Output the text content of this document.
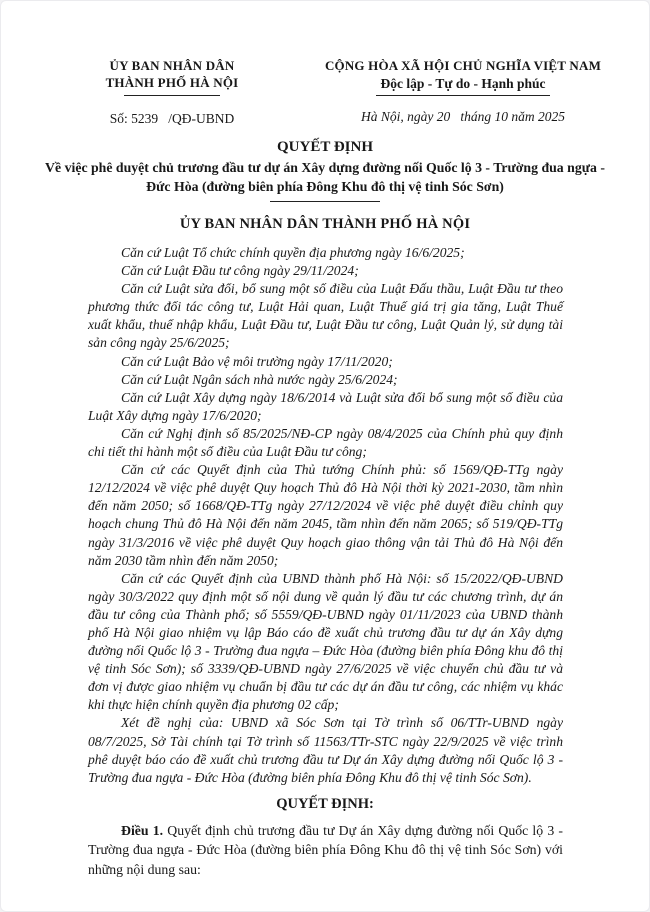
ỦY BAN NHÂN DÂN
THÀNH PHỐ HÀ NỘI
Số: 5239   /QĐ-UBND
CỘNG HÒA XÃ HỘI CHỦ NGHĨA VIỆT NAM
Độc lập - Tự do - Hạnh phúc
Hà Nội, ngày 20   tháng 10 năm 2025
QUYẾT ĐỊNH
Về việc phê duyệt chủ trương đầu tư dự án Xây dựng đường nối Quốc lộ 3 - Trường đua ngựa - Đức Hòa (đường biên phía Đông Khu đô thị vệ tinh Sóc Sơn)
ỦY BAN NHÂN DÂN THÀNH PHỐ HÀ NỘI

Căn cứ Luật Tổ chức chính quyền địa phương ngày 16/6/2025;

Căn cứ Luật Đầu tư công ngày 29/11/2024;

Căn cứ Luật sửa đổi, bổ sung một số điều của Luật Đấu thầu, Luật Đầu tư theo phương thức đối tác công tư, Luật Hải quan, Luật Thuế giá trị gia tăng, Luật Thuế xuất khẩu, thuế nhập khẩu, Luật Đầu tư, Luật Đầu tư công, Luật Quản lý, sử dụng tài sản công ngày 25/6/2025;

Căn cứ Luật Bảo vệ môi trường ngày 17/11/2020;

Căn cứ Luật Ngân sách nhà nước ngày 25/6/2024;

Căn cứ Luật Xây dựng ngày 18/6/2014 và Luật sửa đổi bổ sung một số điều của Luật Xây dựng ngày 17/6/2020;

Căn cứ Nghị định số 85/2025/NĐ-CP ngày 08/4/2025 của Chính phủ quy định chi tiết thi hành một số điều của Luật Đầu tư công;

Căn cứ các Quyết định của Thủ tướng Chính phủ: số 1569/QĐ-TTg ngày 12/12/2024 về việc phê duyệt Quy hoạch Thủ đô Hà Nội thời kỳ 2021-2030, tầm nhìn đến năm 2050; số 1668/QĐ-TTg ngày 27/12/2024 về việc phê duyệt điều chỉnh quy hoạch chung Thủ đô Hà Nội đến năm 2045, tầm nhìn đến năm 2065; số 519/QĐ-TTg ngày 31/3/2016 về việc phê duyệt Quy hoạch giao thông vận tải Thủ đô Hà Nội đến năm 2030 tầm nhìn đến năm 2050;

Căn cứ các Quyết định của UBND thành phố Hà Nội: số 15/2022/QĐ-UBND ngày 30/3/2022 quy định một số nội dung về quản lý đầu tư các chương trình, dự án đầu tư công của Thành phố; số 5559/QĐ-UBND ngày 01/11/2023 của UBND thành phố Hà Nội giao nhiệm vụ lập Báo cáo đề xuất chủ trương đầu tư dự án Xây dựng đường nối Quốc lộ 3 - Trường đua ngựa – Đức Hòa (đường biên phía Đông khu đô thị vệ tinh Sóc Sơn); số 3339/QĐ-UBND ngày 27/6/2025 về việc chuyển chủ đầu tư và đơn vị được giao nhiệm vụ chuẩn bị đầu tư các dự án đầu tư công, các nhiệm vụ khác khi thực hiện chính quyền địa phương 02 cấp;

Xét đề nghị của: UBND xã Sóc Sơn tại Tờ trình số 06/TTr-UBND ngày 08/7/2025, Sở Tài chính tại Tờ trình số 11563/TTr-STC ngày 22/9/2025 về việc trình phê duyệt báo cáo đề xuất chủ trương đầu tư Dự án Xây dựng đường nối Quốc lộ 3 - Trường đua ngựa - Đức Hòa (đường biên phía Đông Khu đô thị vệ tinh Sóc Sơn).

QUYẾT ĐỊNH:

Điều 1. Quyết định chủ trương đầu tư Dự án Xây dựng đường nối Quốc lộ 3 - Trường đua ngựa - Đức Hòa (đường biên phía Đông Khu đô thị vệ tinh Sóc Sơn) với những nội dung sau:
